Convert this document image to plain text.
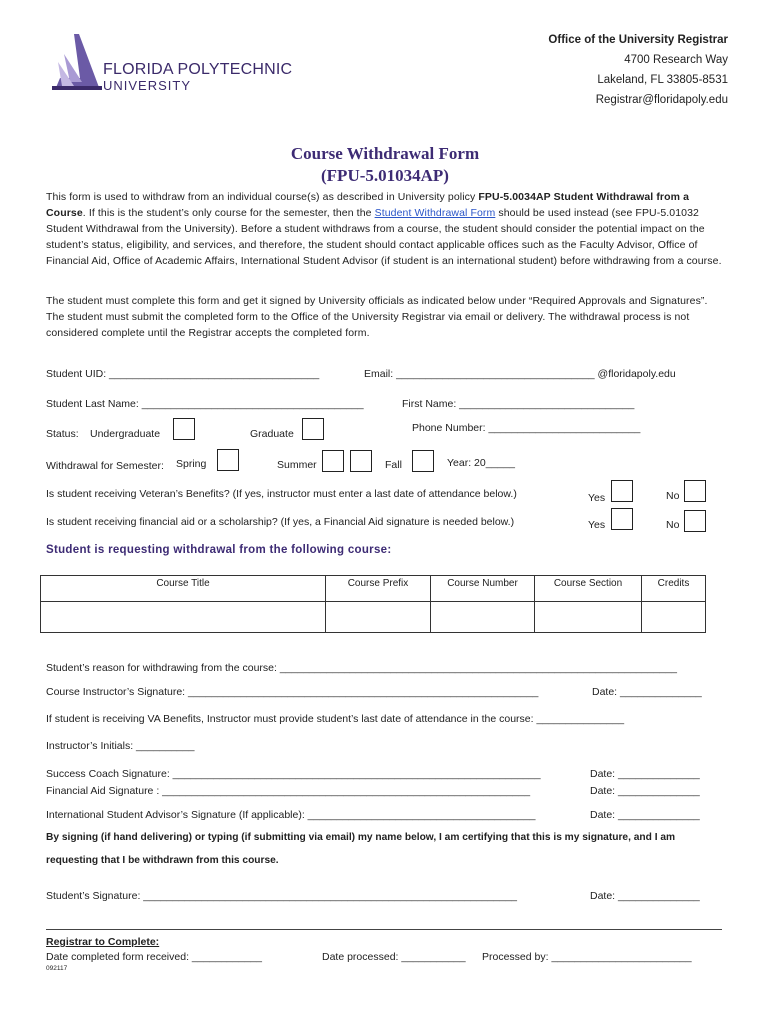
FLORIDA POLYTECHNIC
UNIVERSITY
Office of the University Registrar
4700 Research Way
Lakeland, FL 33805-8531
Registrar@floridapoly.edu
Course Withdrawal Form
(FPU-5.01034AP)
This form is used to withdraw from an individual course(s) as described in University policy FPU-5.0034AP Student Withdrawal from a Course. If this is the student’s only course for the semester, then the Student Withdrawal Form should be used instead (see FPU-5.01032 Student Withdrawal from the University). Before a student withdraws from a course, the student should consider the potential impact on the student’s status, eligibility, and services, and therefore, the student should contact applicable offices such as the Faculty Advisor, Office of Financial Aid, Office of Academic Affairs, International Student Advisor (if student is an international student) before withdrawing from a course.
The student must complete this form and get it signed by University officials as indicated below under “Required Approvals and Signatures”. The student must submit the completed form to the Office of the University Registrar via email or delivery. The withdrawal process is not considered complete until the Registrar accepts the completed form.
Student UID: ____________________________________	Email: __________________________________ @floridapoly.edu
Student Last Name: ______________________________________	First Name: ______________________________
Status: Undergraduate	Graduate	Phone Number: __________________________
Withdrawal for Semester: Spring	Summer	Fall	Year: 20_____
Is student receiving Veteran’s Benefits? (If yes, instructor must enter a last date of attendance below.)	Yes	No
Is student receiving financial aid or a scholarship? (If yes, a Financial Aid signature is needed below.)	Yes	No
Student is requesting withdrawal from the following course:
Course Title	Course Prefix	Course Number	Course Section	Credits

Student’s reason for withdrawing from the course: ____________________________________________________________________
Course Instructor’s Signature: ____________________________________________________________	Date: ______________
If student is receiving VA Benefits, Instructor must provide student’s last date of attendance in the course: _______________
Instructor’s Initials: __________
Success Coach Signature: _______________________________________________________________	Date: ______________
Financial Aid Signature : _______________________________________________________________	Date: ______________
International Student Advisor’s Signature (If applicable): _______________________________________	Date: ______________
By signing (if hand delivering) or typing (if submitting via email) my name below, I am certifying that this is my signature, and I am
requesting that I be withdrawn from this course.
Student’s Signature: ________________________________________________________________	Date: ______________
Registrar to Complete:
Date completed form received: ____________	Date processed: ___________ Processed by: ________________________
092117
